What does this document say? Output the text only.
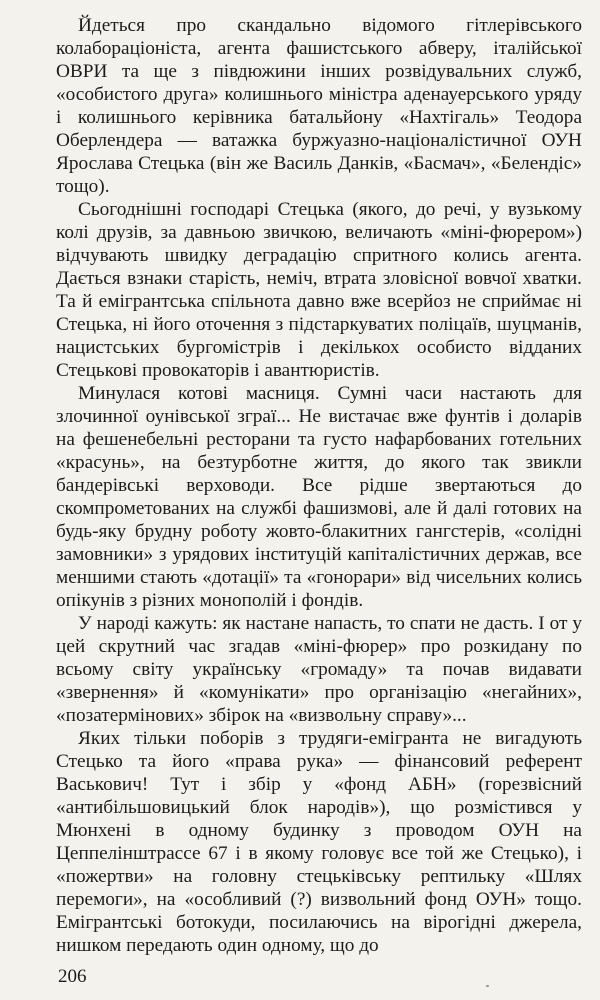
Йдеться про скандально відомого гітлерівського колабораціоніста, агента фашистського абверу, італійської ОВРИ та ще з півдюжини інших розвідувальних служб, «особистого друга» колишнього міністра аденауерського уряду і колишнього керівника батальйону «Нахтігаль» Теодора Оберлендера — ватажка буржуазно-націоналістичної ОУН Ярослава Стецька (він же Василь Данків, «Басмач», «Белендіс» тощо).

Сьогоднішні господарі Стецька (якого, до речі, у вузькому колі друзів, за давньою звичкою, величають «міні-фюрером») відчувають швидку деградацію спритного колись агента. Дається взнаки старість, неміч, втрата зловісної вовчої хватки. Та й емігрантська спільнота давно вже всерйоз не сприймає ні Стецька, ні його оточення з підстаркуватих поліцаїв, шуцманів, нацистських бургомістрів і декількох особисто відданих Стецькові провокаторів і авантюристів.

Минулася котові масниця. Сумні часи настають для злочинної оунівської зграї... Не вистачає вже фунтів і доларів на фешенебельні ресторани та густо нафарбованих готельних «красунь», на безтурботне життя, до якого так звикли бандерівські верховоди. Все рідше звертаються до скомпрометованих на службі фашизмові, але й далі готових на будь-яку брудну роботу жовто-блакитних гангстерів, «солідні замовники» з урядових інституцій капіталістичних держав, все меншими стають «дотації» та «гонорари» від чисельних колись опікунів з різних монополій і фондів.

У народі кажуть: як настане напасть, то спати не дасть. І от у цей скрутний час згадав «міні-фюрер» про розкидану по всьому світу українську «громаду» та почав видавати «звернення» й «комунікати» про організацію «негайних», «позатермінових» збірок на «визвольну справу»...

Яких тільки поборів з трудяги-емігранта не вигадують Стецько та його «права рука» — фінансовий референт Васькович! Тут і збір у «фонд АБН» (горезвісний «антибільшовицький блок народів»), що розмістився у Мюнхені в одному будинку з проводом ОУН на Цеппелінштрассе 67 і в якому головує все той же Стецько), і «пожертви» на головну стецьківську рептильку «Шлях перемоги», на «особливий (?) визвольний фонд ОУН» тощо. Емігрантські ботокуди, посилаючись на вірогідні джерела, нишком передають один одному, що до

206
